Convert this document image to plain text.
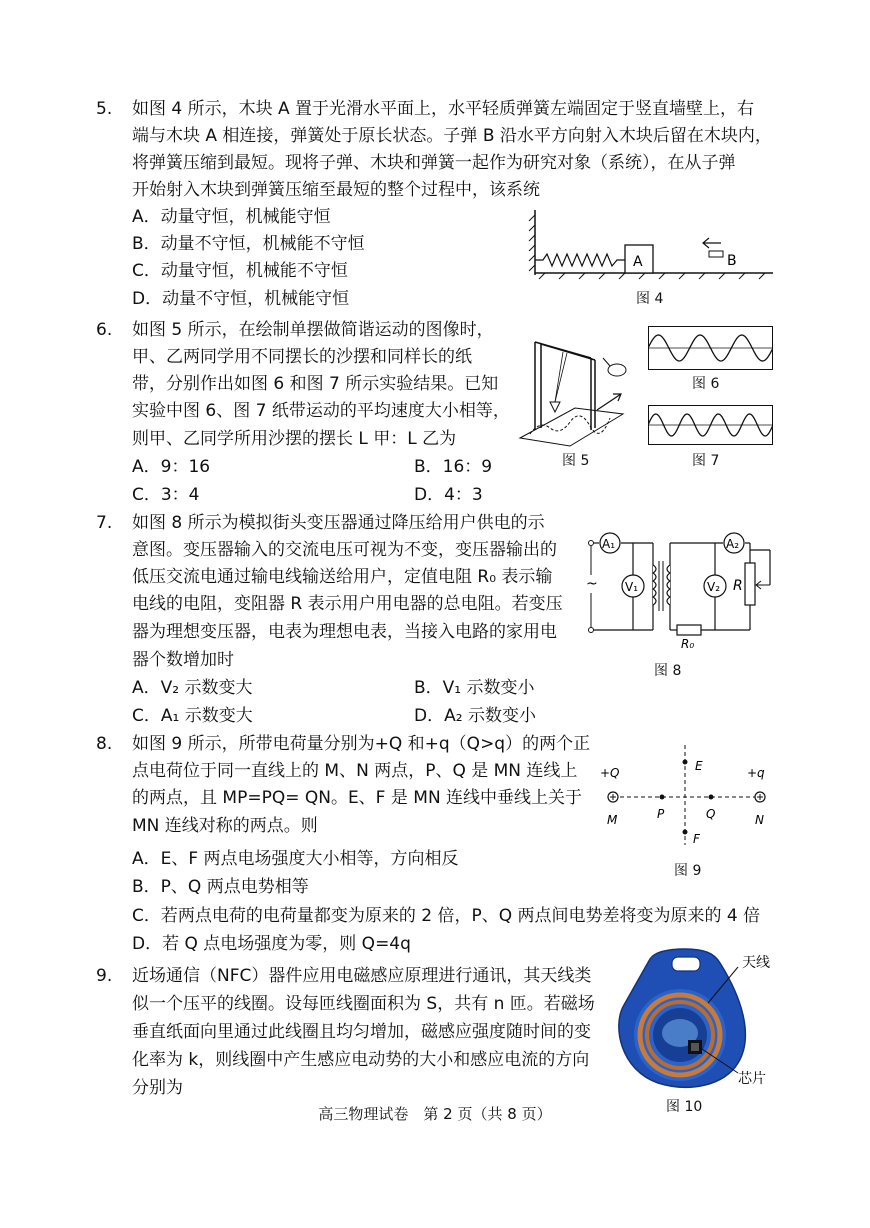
5. 如图 4 所示，木块 A 置于光滑水平面上，水平轻质弹簧左端固定于竖直墙壁上，右
端与木块 A 相连接，弹簧处于原长状态。子弹 B 沿水平方向射入木块后留在木块内，
将弹簧压缩到最短。现将子弹、木块和弹簧一起作为研究对象（系统），在从子弹
开始射入木块到弹簧压缩至最短的整个过程中，该系统
A．动量守恒，机械能守恒
B．动量不守恒，机械能不守恒
C．动量守恒，机械能不守恒
D．动量不守恒，机械能守恒
A	B
图 4
6. 如图 5 所示，在绘制单摆做简谐运动的图像时，
甲、乙两同学用不同摆长的沙摆和同样长的纸
带，分别作出如图 6 和图 7 所示实验结果。已知
实验中图 6、图 7 纸带运动的平均速度大小相等，
则甲、乙同学所用沙摆的摆长 L 甲：L 乙为
A．9：16	B．16：9
C．3：4	D．4：3
图 5
图 6
图 7
7. 如图 8 所示为模拟街头变压器通过降压给用户供电的示
意图。变压器输入的交流电压可视为不变，变压器输出的
低压交流电通过输电线输送给用户，定值电阻 R₀ 表示输
电线的电阻，变阻器 R 表示用户用电器的总电阻。若变压
器为理想变压器，电表为理想电表，当接入电路的家用电
器个数增加时
A．V₂ 示数变大	B．V₁ 示数变小
C．A₁ 示数变大	D．A₂ 示数变小
~
A₁
V₁	V₂
A₂
R
R₀
图 8
8. 如图 9 所示，所带电荷量分别为+Q 和+q（Q>q）的两个正
点电荷位于同一直线上的 M、N 两点，P、Q 是 MN 连线上
的两点，且 MP=PQ= QN。E、F 是 MN 连线中垂线上关于
MN 连线对称的两点。则
A．E、F 两点电场强度大小相等，方向相反
B．P、Q 两点电势相等
C．若两点电荷的电荷量都变为原来的 2 倍，P、Q 两点间电势差将变为原来的 4 倍
D．若 Q 点电场强度为零，则 Q=4q
+Q	+q
M	N
P	Q
E
F
图 9
9. 近场通信（NFC）器件应用电磁感应原理进行通讯，其天线类
似一个压平的线圈。设每匝线圈面积为 S，共有 n 匝。若磁场
垂直纸面向里通过此线圈且均匀增加，磁感应强度随时间的变
化率为 k，则线圈中产生感应电动势的大小和感应电流的方向
分别为
天线
芯片
图 10
高三物理试卷　第 2 页（共 8 页）
